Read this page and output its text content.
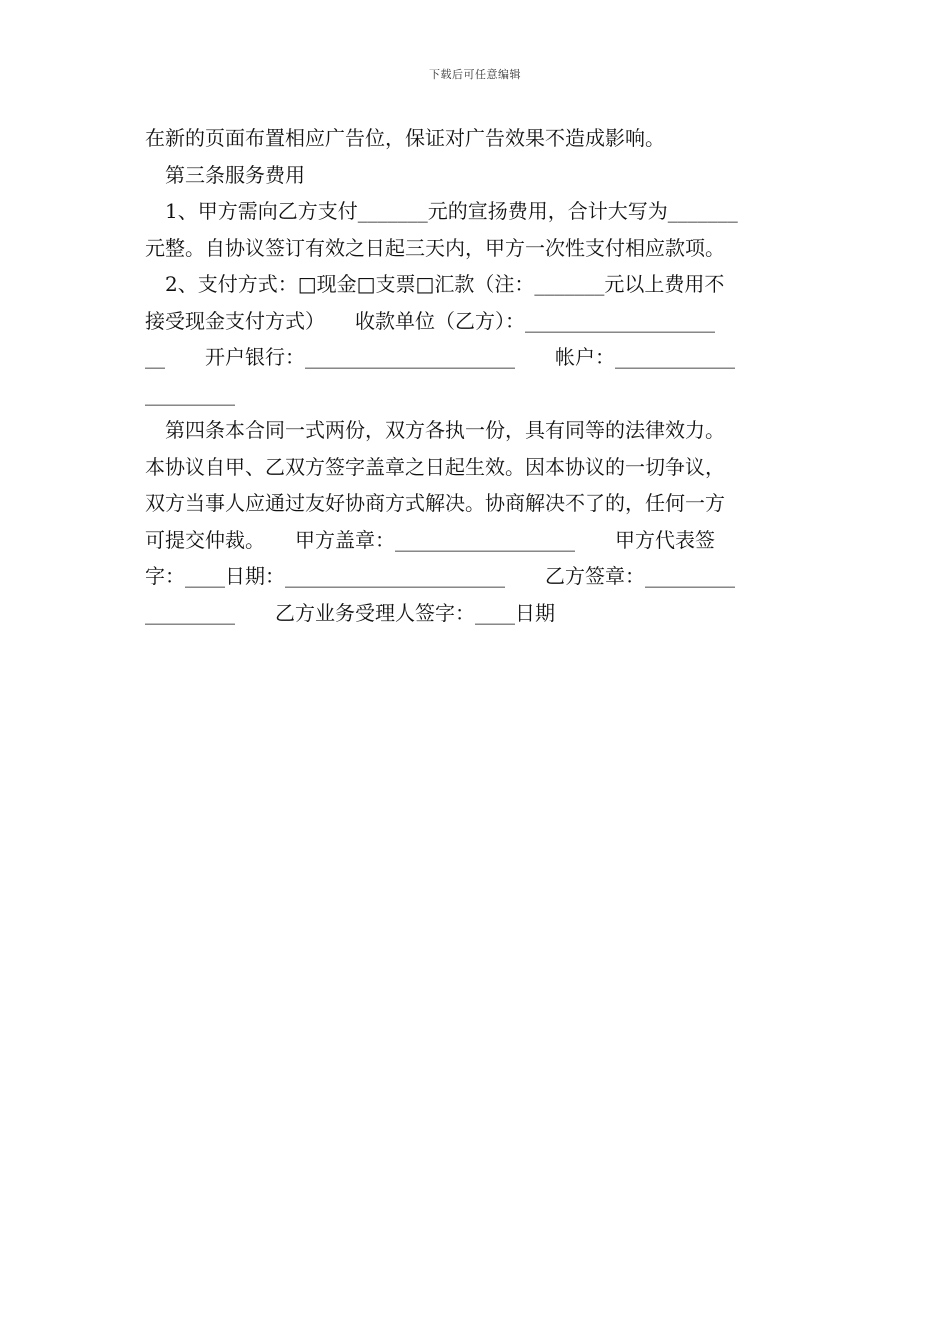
下载后可任意编辑
在新的页面布置相应广告位，保证对广告效果不造成影响。
第三条服务费用
1、甲方需向乙方支付_______元的宣扬费用，合计大写为_______
元整。自协议签订有效之日起三天内，甲方一次性支付相应款项。
2、支付方式：□现金□支票□汇款（注：_______元以上费用不
接受现金支付方式）　　收款单位（乙方）：___________________
__　　开户银行：_____________________　　帐户：____________
_________
第四条本合同一式两份，双方各执一份，具有同等的法律效力。
本协议自甲、乙双方签字盖章之日起生效。因本协议的一切争议，
双方当事人应通过友好协商方式解决。协商解决不了的，任何一方
可提交仲裁。　　甲方盖章：__________________　　甲方代表签
字：____日期：______________________　　乙方签章：_________
_________　　乙方业务受理人签字：____日期
